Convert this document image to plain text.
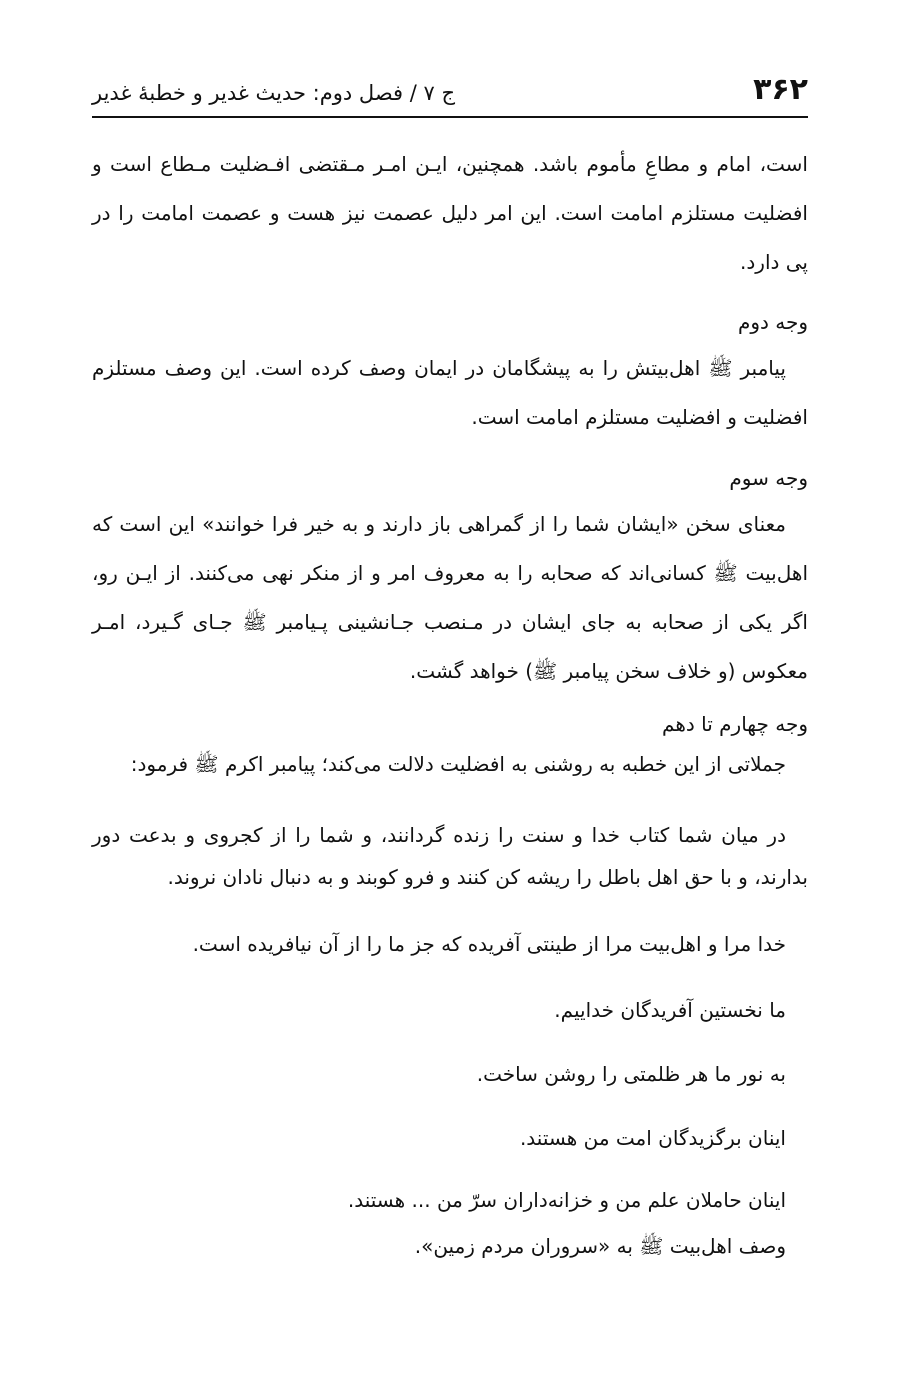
۳۶۲
ج ۷ / فصل دوم: حدیث غدیر و خطبهٔ غدیر

است، امام و مطاعِ مأموم باشد. همچنین، ایـن امـر مـقتضی افـضلیت مـطاع است و افضلیت مستلزم امامت است. این امر دلیل عصمت نیز هست و عصمت امامت را در پی دارد.

وجه دوم

پیامبر ﷺ اهل‌بیتش را به پیشگامان در ایمان وصف کرده است. این وصف مستلزم افضلیت و افضلیت مستلزم امامت است.

وجه سوم

معنای سخن «ایشان شما را از گمراهی باز دارند و به خیر فرا خوانند» این است که اهل‌بیت ﷺ کسانی‌اند که صحابه را به معروف امر و از منکر نهی می‌کنند. از ایـن رو، اگر یکی از صحابه به جای ایشان در مـنصب جـانشینی پـیامبر ﷺ جـای گـیرد، امـر معکوس (و خلاف سخن پیامبر ﷺ) خواهد گشت.

وجه چهارم تا دهم

جملاتی از این خطبه به روشنی به افضلیت دلالت می‌کند؛ پیامبر اکرم ﷺ فرمود:

در میان شما کتاب خدا و سنت را زنده گردانند، و شما را از کجروی و بدعت دور بدارند، و با حق اهل باطل را ریشه کن کنند و فرو کوبند و به دنبال نادان نروند.

خدا مرا و اهل‌بیت مرا از طینتی آفریده که جز ما را از آن نیافریده است.

ما نخستین آفریدگان خداییم.

به نور ما هر ظلمتی را روشن ساخت.

اینان برگزیدگان امت من هستند.

اینان حاملان علم من و خزانه‌داران سرّ من ... هستند.

وصف اهل‌بیت ﷺ به «سروران مردم زمین».
